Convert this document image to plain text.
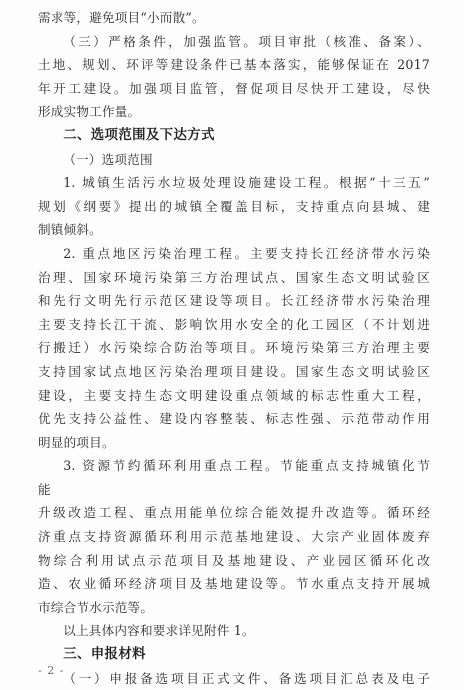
需求等，避免项目“小而散”。
（三）严格条件，加强监管。项目审批（核准、备案）、
土地、规划、环评等建设条件已基本落实，能够保证在 2017
年开工建设。加强项目监管，督促项目尽快开工建设，尽快
形成实物工作量。
二、选项范围及下达方式
（一）选项范围
1. 城镇生活污水垃圾处理设施建设工程。根据“十三五”
规划《纲要》提出的城镇全覆盖目标，支持重点向县城、建
制镇倾斜。
2. 重点地区污染治理工程。主要支持长江经济带水污染
治理、国家环境污染第三方治理试点、国家生态文明试验区
和先行文明先行示范区建设等项目。长江经济带水污染治理
主要支持长江干流、影响饮用水安全的化工园区（不计划进
行搬迁）水污染综合防治等项目。环境污染第三方治理主要
支持国家试点地区污染治理项目建设。国家生态文明试验区
建设，主要支持生态文明建设重点领域的标志性重大工程，
优先支持公益性、建设内容整装、标志性强、示范带动作用
明显的项目。
3. 资源节约循环利用重点工程。节能重点支持城镇化节
能
升级改造工程、重点用能单位综合能效提升改造等。循环经
济重点支持资源循环利用示范基地建设、大宗产业固体废弃
物综合利用试点示范项目及基地建设、产业园区循环化改
造、农业循环经济项目及基地建设等。节水重点支持开展城
市综合节水示范等。
以上具体内容和要求详见附件 1。
三、申报材料
（一）申报备选项目正式文件、备选项目汇总表及电子
- 2 -
